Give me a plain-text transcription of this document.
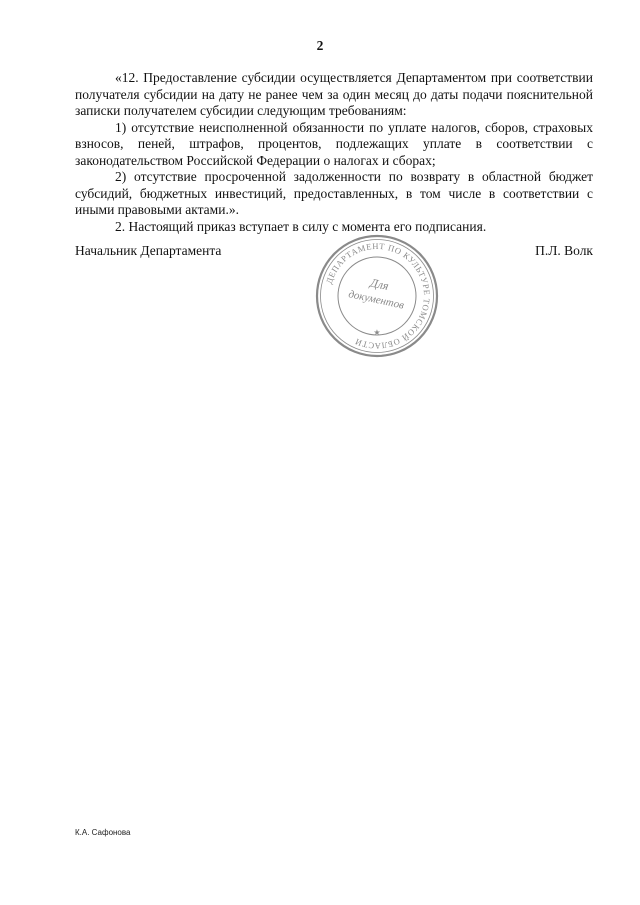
2

«12. Предоставление субсидии осуществляется Департаментом при соответствии получателя субсидии на дату не ранее чем за один месяц до даты подачи пояснительной записки получателем субсидии следующим требованиям:

1) отсутствие неисполненной обязанности по уплате налогов, сборов, страховых взносов, пеней, штрафов, процентов, подлежащих уплате в соответствии с законодательством Российской Федерации о налогах и сборах;

2) отсутствие просроченной задолженности по возврату в областной бюджет субсидий, бюджетных инвестиций, предоставленных, в том числе в соответствии с иными правовыми актами.».

2. Настоящий приказ вступает в силу с момента его подписания.

Начальник Департамента	П.Л. Волк
ДЕПАРТАМЕНТ ПО КУЛЬТУРЕ ТОМСКОЙ ОБЛАСТИ
Для
документов
★
К.А. Сафонова
